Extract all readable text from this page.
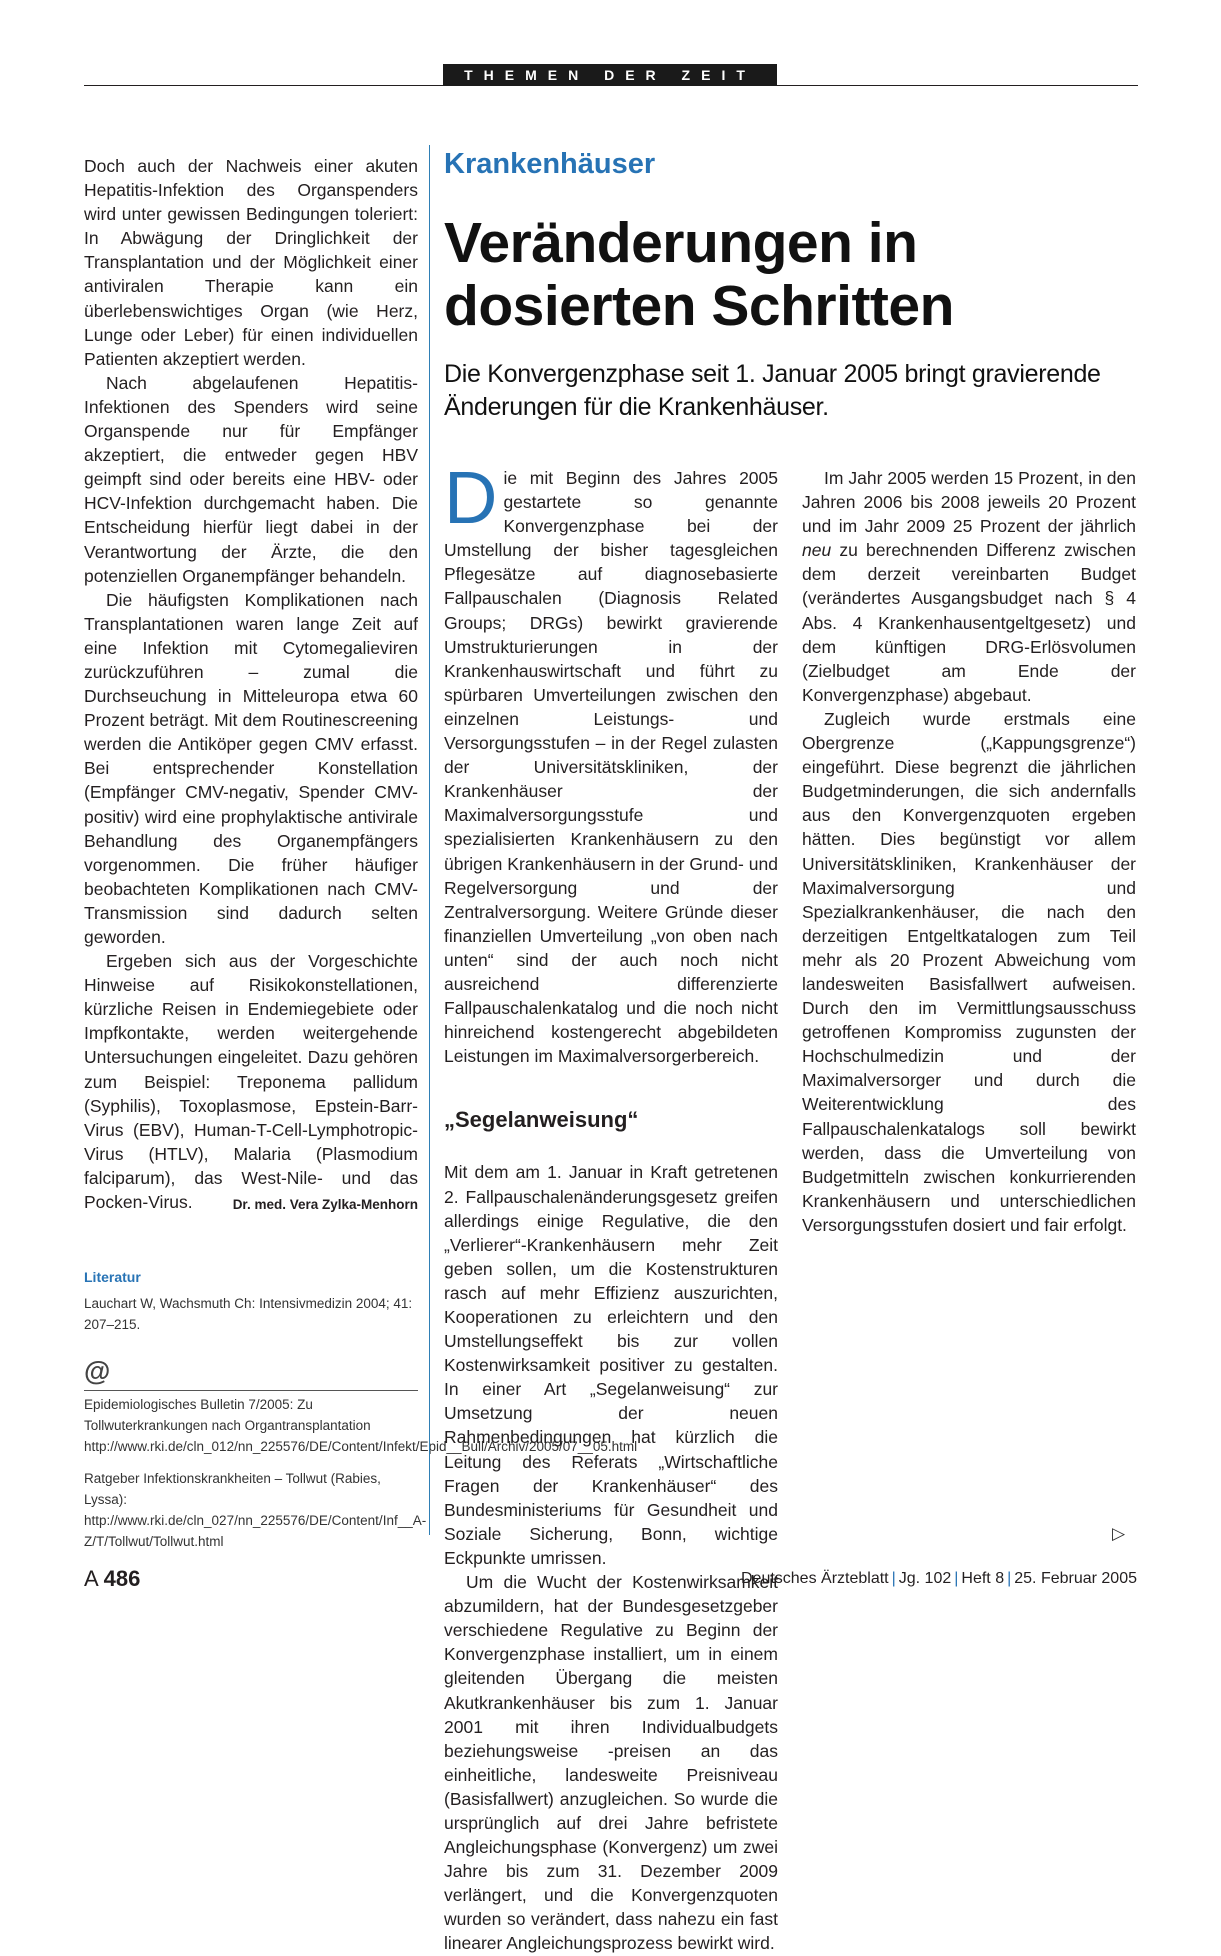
THEMEN DER ZEIT

Doch auch der Nachweis einer akuten Hepatitis-Infektion des Organspenders wird unter gewissen Bedingungen toleriert: In Abwägung der Dringlichkeit der Transplantation und der Möglichkeit einer antiviralen Therapie kann ein überlebenswichtiges Organ (wie Herz, Lunge oder Leber) für einen individuellen Patienten akzeptiert werden.

Nach abgelaufenen Hepatitis-Infektionen des Spenders wird seine Organspende nur für Empfänger akzeptiert, die entweder gegen HBV geimpft sind oder bereits eine HBV- oder HCV-Infektion durchgemacht haben. Die Entscheidung hierfür liegt dabei in der Verantwortung der Ärzte, die den potenziellen Organempfänger behandeln.

Die häufigsten Komplikationen nach Transplantationen waren lange Zeit auf eine Infektion mit Cytomegalieviren zurückzuführen – zumal die Durchseuchung in Mitteleuropa etwa 60 Prozent beträgt. Mit dem Routinescreening werden die Antiköper gegen CMV erfasst. Bei entsprechender Konstellation (Empfänger CMV-negativ, Spender CMV-positiv) wird eine prophylaktische antivirale Behandlung des Organempfängers vorgenommen. Die früher häufiger beobachteten Komplikationen nach CMV-Transmission sind dadurch selten geworden.

Ergeben sich aus der Vorgeschichte Hinweise auf Risikokonstellationen, kürzliche Reisen in Endemiegebiete oder Impfkontakte, werden weitergehende Untersuchungen eingeleitet. Dazu gehören zum Beispiel: Treponema pallidum (Syphilis), Toxoplasmose, Epstein-Barr-Virus (EBV), Human-T-Cell-Lymphotropic-Virus (HTLV), Malaria (Plasmodium falciparum), das West-Nile- und das Pocken-Virus.	Dr. med. Vera Zylka-Menhorn

Literatur
Lauchart W, Wachsmuth Ch: Intensivmedizin 2004; 41: 207–215.
@

Epidemiologisches Bulletin 7/2005: Zu Tollwuterkrankungen nach Organtransplantation http://www.rki.de/cln_012/nn_225576/DE/Content/Infekt/Epid__Bull/Archiv/2005/07__05.html

Ratgeber Infektionskrankheiten – Tollwut (Rabies, Lyssa): http://www.rki.de/cln_027/nn_225576/DE/Content/Inf__A-Z/T/Tollwut/Tollwut.html

Krankenhäuser
Veränderungen in dosierten Schritten
Die Konvergenzphase seit 1. Januar 2005 bringt gravierende Änderungen für die Krankenhäuser.

Die mit Beginn des Jahres 2005 gestartete so genannte Konvergenzphase bei der Umstellung der bisher tagesgleichen Pflegesätze auf diagnosebasierte Fallpauschalen (Diagnosis Related Groups; DRGs) bewirkt gravierende Umstrukturierungen in der Krankenhauswirtschaft und führt zu spürbaren Umverteilungen zwischen den einzelnen Leistungs- und Versorgungsstufen – in der Regel zulasten der Universitätskliniken, der Krankenhäuser der Maximalversorgungsstufe und spezialisierten Krankenhäusern zu den übrigen Krankenhäusern in der Grund- und Regelversorgung und der Zentralversorgung. Weitere Gründe dieser finanziellen Umverteilung „von oben nach unten“ sind der auch noch nicht ausreichend differenzierte Fallpauschalenkatalog und die noch nicht hinreichend kostengerecht abgebildeten Leistungen im Maximalversorgerbereich.

„Segelanweisung“

Mit dem am 1. Januar in Kraft getretenen 2. Fallpauschalenänderungsgesetz greifen allerdings einige Regulative, die den „Verlierer“-Krankenhäusern mehr Zeit geben sollen, um die Kostenstrukturen rasch auf mehr Effizienz auszurichten, Kooperationen zu erleichtern und den Umstellungseffekt bis zur vollen Kostenwirksamkeit positiver zu gestalten. In einer Art „Segelanweisung“ zur Umsetzung der neuen Rahmenbedingungen hat kürzlich die Leitung des Referats „Wirtschaftliche Fragen der Krankenhäuser“ des Bundesministeriums für Gesundheit und Soziale Sicherung, Bonn, wichtige Eckpunkte umrissen.

Um die Wucht der Kostenwirksamkeit abzumildern, hat der Bundesgesetzgeber verschiedene Regulative zu Beginn der Konvergenzphase installiert, um in einem gleitenden Übergang die meisten Akutkrankenhäuser bis zum 1. Januar 2001 mit ihren Individualbudgets beziehungsweise -preisen an das einheitliche, landesweite Preisniveau (Basisfallwert) anzugleichen. So wurde die ursprünglich auf drei Jahre befristete Angleichungsphase (Konvergenz) um zwei Jahre bis zum 31. Dezember 2009 verlängert, und die Konvergenzquoten wurden so verändert, dass nahezu ein fast linearer Angleichungsprozess bewirkt wird.

Im Jahr 2005 werden 15 Prozent, in den Jahren 2006 bis 2008 jeweils 20 Prozent und im Jahr 2009 25 Prozent der jährlich neu zu berechnenden Differenz zwischen dem derzeit vereinbarten Budget (verändertes Ausgangsbudget nach § 4 Abs. 4 Krankenhausentgeltgesetz) und dem künftigen DRG-Erlösvolumen (Zielbudget am Ende der Konvergenzphase) abgebaut.

Zugleich wurde erstmals eine Obergrenze („Kappungsgrenze“) eingeführt. Diese begrenzt die jährlichen Budgetminderungen, die sich andernfalls aus den Konvergenzquoten ergeben hätten. Dies begünstigt vor allem Universitätskliniken, Krankenhäuser der Maximalversorgung und Spezialkrankenhäuser, die nach den derzeitigen Entgeltkatalogen zum Teil mehr als 20 Prozent Abweichung vom landesweiten Basisfallwert aufweisen. Durch den im Vermittlungsausschuss getroffenen Kompromiss zugunsten der Hochschulmedizin und der Maximalversorger und durch die Weiterentwicklung des Fallpauschalenkatalogs soll bewirkt werden, dass die Umverteilung von Budgetmitteln zwischen konkurrierenden Krankenhäusern und unterschiedlichen Versorgungsstufen dosiert und fair erfolgt.

▷
A 486	Deutsches Ärzteblatt | Jg. 102 | Heft 8 | 25. Februar 2005
